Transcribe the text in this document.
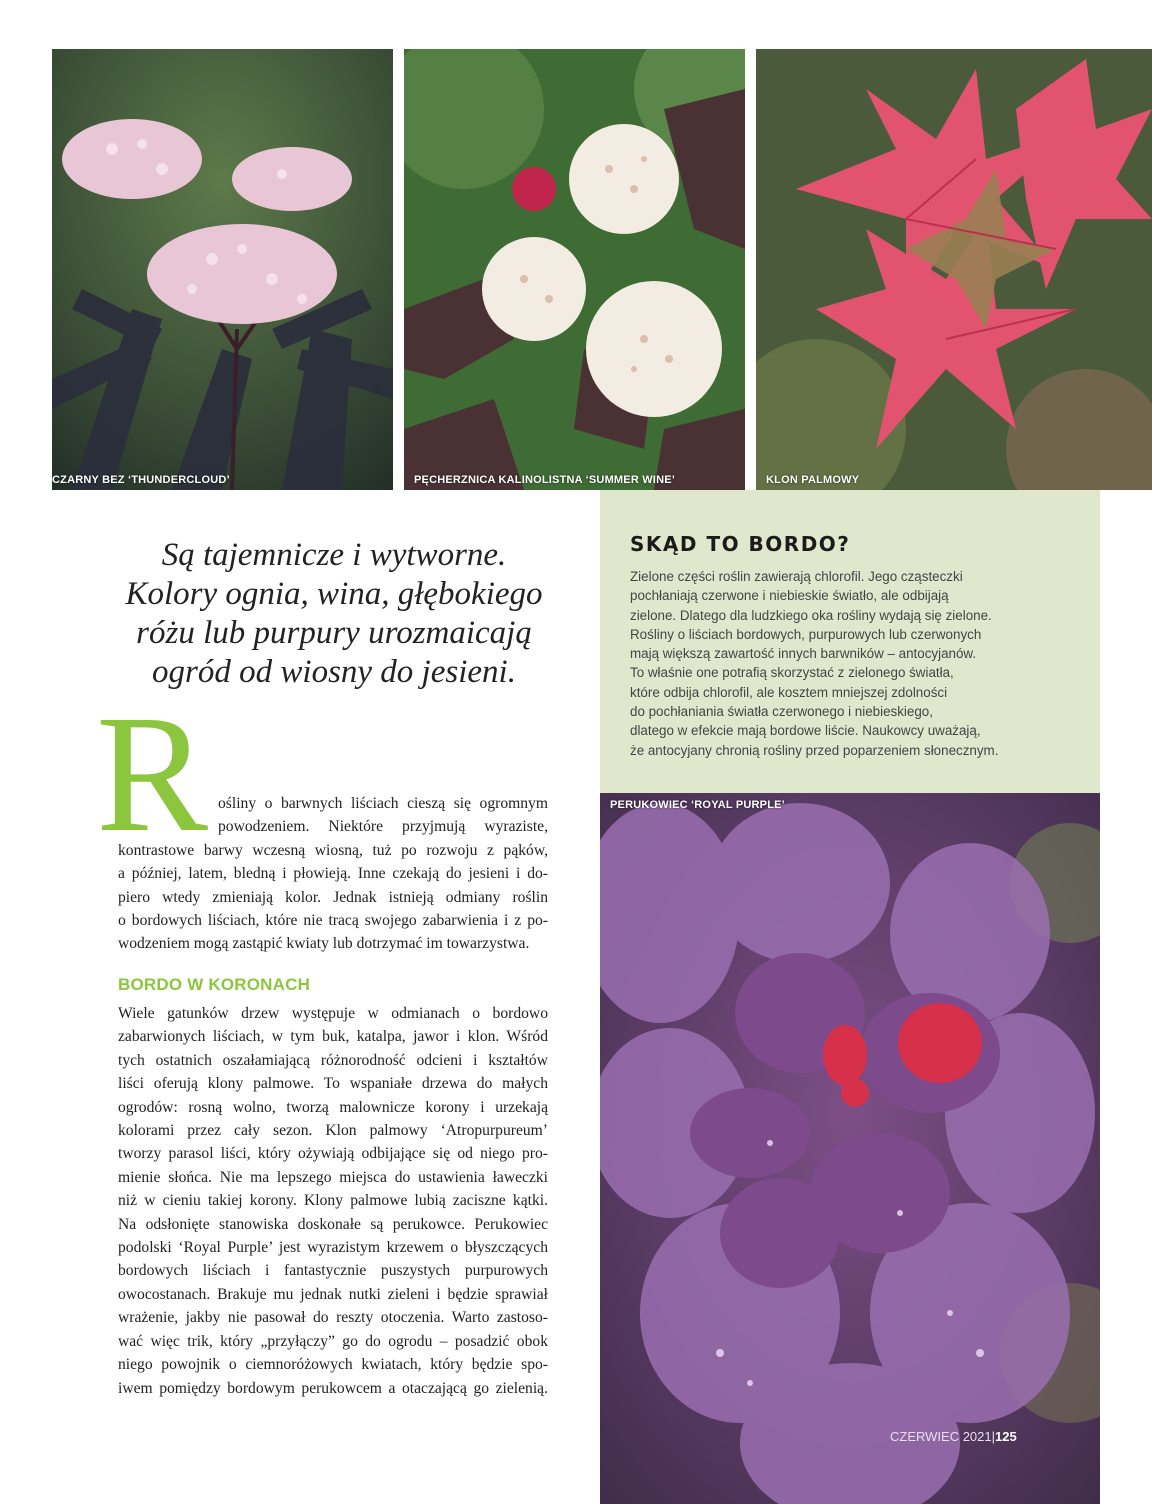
CZARNY BEZ ‘THUNDERCLOUD’	PĘCHERZNICA KALINOLISTNA ‘SUMMER WINE’	KLON PALMOWY
SKĄD TO BORDO?
Zielone części roślin zawierają chlorofil. Jego cząsteczki
pochłaniają czerwone i niebieskie światło, ale odbijają
zielone. Dlatego dla ludzkiego oka rośliny wydają się zielone.
Rośliny o liściach bordowych, purpurowych lub czerwonych
mają większą zawartość innych barwników – antocyjanów.
To właśnie one potrafią skorzystać z zielonego światła,
które odbija chlorofil, ale kosztem mniejszej zdolności
do pochłaniania światła czerwonego i niebieskiego,
dlatego w efekcie mają bordowe liście. Naukowcy uważają,
że antocyjany chronią rośliny przed poparzeniem słonecznym.
PERUKOWIEC ‘ROYAL PURPLE’
Są tajemnicze i wytworne.
Kolory ognia, wina, głębokiego
różu lub purpury urozmaicają
ogród od wiosny do jesieni.
R ośliny o barwnych liściach cieszą się ogromnym
powodzeniem. Niektóre przyjmują wyraziste,
kontrastowe barwy wczesną wiosną, tuż po rozwoju z pąków,
a później, latem, bledną i płowieją. Inne czekają do jesieni i do-
piero wtedy zmieniają kolor. Jednak istnieją odmiany roślin
o bordowych liściach, które nie tracą swojego zabarwienia i z po-
wodzeniem mogą zastąpić kwiaty lub dotrzymać im towarzystwa.
BORDO W KORONACH
Wiele gatunków drzew występuje w odmianach o bordowo
zabarwionych liściach, w tym buk, katalpa, jawor i klon. Wśród
tych ostatnich oszałamiającą różnorodność odcieni i kształtów
liści oferują klony palmowe. To wspaniałe drzewa do małych
ogrodów: rosną wolno, tworzą malownicze korony i urzekają
kolorami przez cały sezon. Klon palmowy ‘Atropurpureum’
tworzy parasol liści, który ożywiają odbijające się od niego pro-
mienie słońca. Nie ma lepszego miejsca do ustawienia ławeczki
niż w cieniu takiej korony. Klony palmowe lubią zaciszne kątki.
Na odsłonięte stanowiska doskonałe są perukowce. Perukowiec
podolski ‘Royal Purple’ jest wyrazistym krzewem o błyszczących
bordowych liściach i fantastycznie puszystych purpurowych
owocostanach. Brakuje mu jednak nutki zieleni i będzie sprawiał
wrażenie, jakby nie pasował do reszty otoczenia. Warto zastoso-
wać więc trik, który „przyłączy” go do ogrodu – posadzić obok
niego powojnik o ciemnoróżowych kwiatach, który będzie spo-
iwem pomiędzy bordowym perukowcem a otaczającą go zielenią.
CZERWIEC 2021|125
